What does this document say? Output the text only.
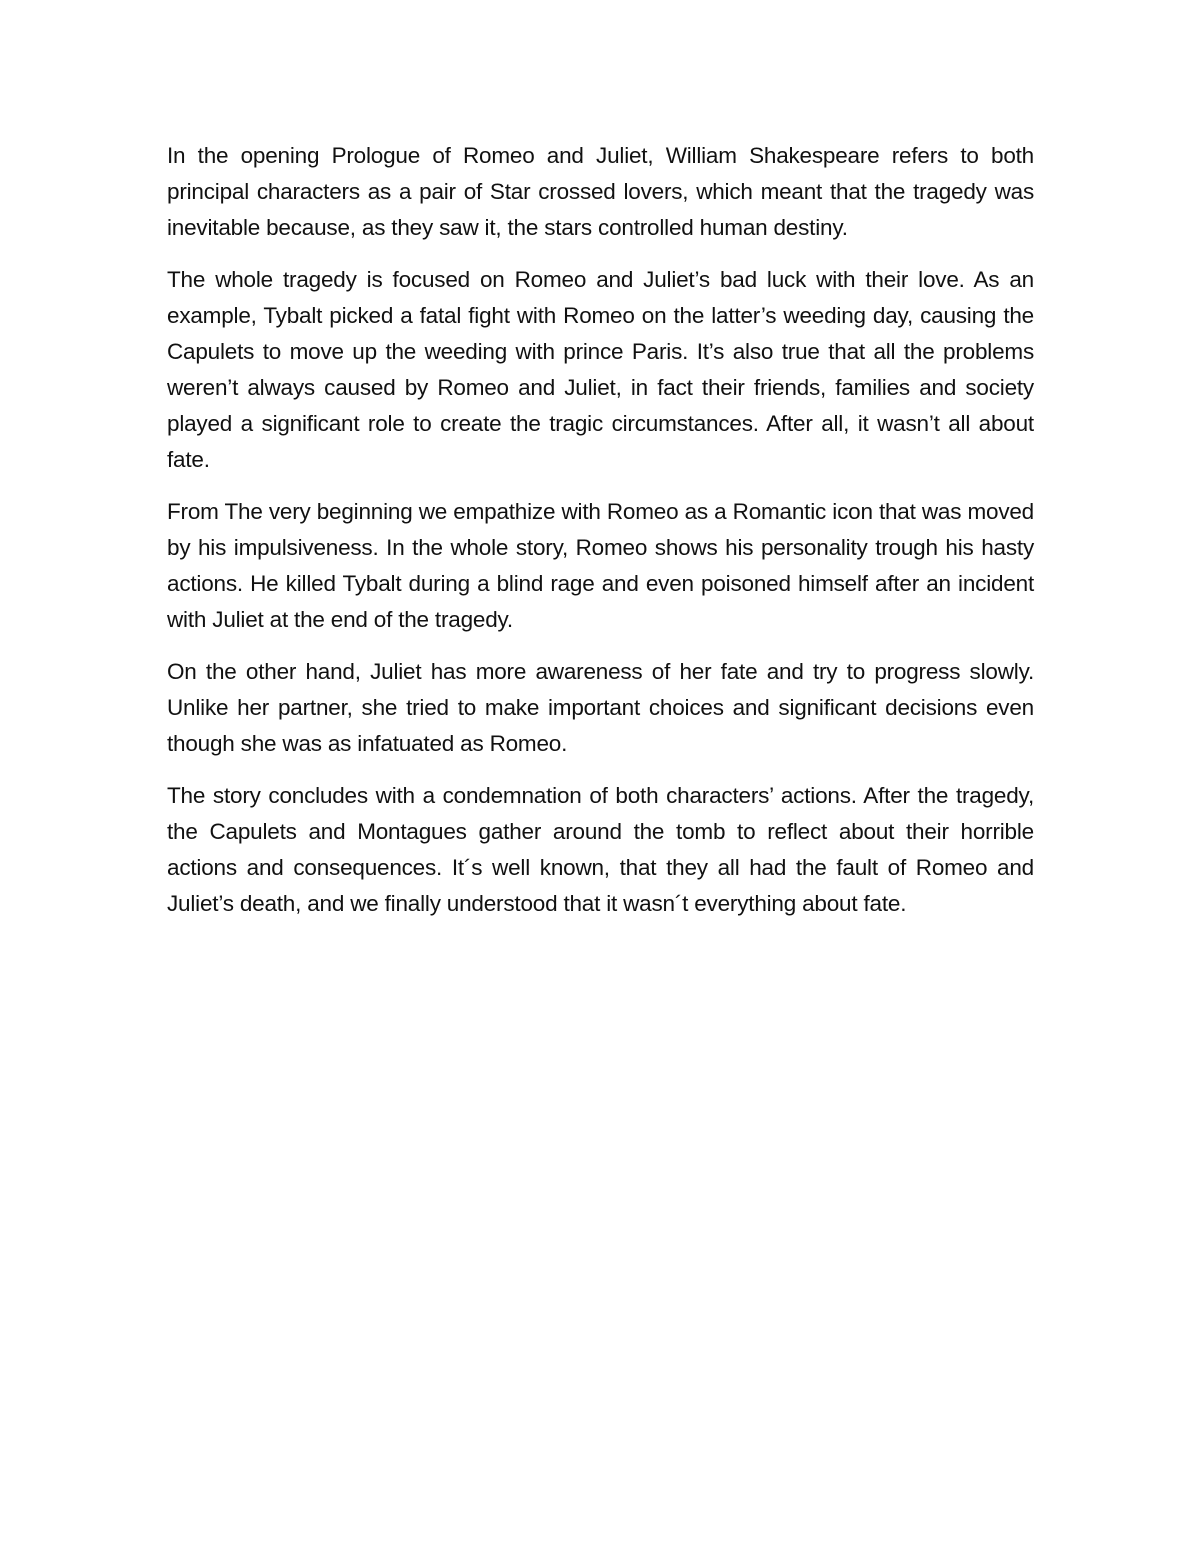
In the opening Prologue of Romeo and Juliet, William Shakespeare refers to both principal characters as a pair of Star crossed lovers, which meant that the tragedy was inevitable because, as they saw it, the stars controlled human destiny.

The whole tragedy is focused on Romeo and Juliet’s bad luck with their love. As an example, Tybalt picked a fatal fight with Romeo on the latter’s weeding day, causing the Capulets to move up the weeding with prince Paris. It’s also true that all the problems weren’t always caused by Romeo and Juliet, in fact their friends, families and society played a significant role to create the tragic circumstances. After all, it wasn’t all about fate.

From The very beginning we empathize with Romeo as a Romantic icon that was moved by his impulsiveness. In the whole story, Romeo shows his personality trough his hasty actions. He killed Tybalt during a blind rage and even poisoned himself after an incident with Juliet at the end of the tragedy.

On the other hand, Juliet has more awareness of her fate and try to progress slowly. Unlike her partner, she tried to make important choices and significant decisions even though she was as infatuated as Romeo.

The story concludes with a condemnation of both characters’ actions. After the tragedy, the Capulets and Montagues gather around the tomb to reflect about their horrible actions and consequences. It´s well known, that they all had the fault of Romeo and Juliet’s death, and we finally understood that it wasn´t everything about fate.
